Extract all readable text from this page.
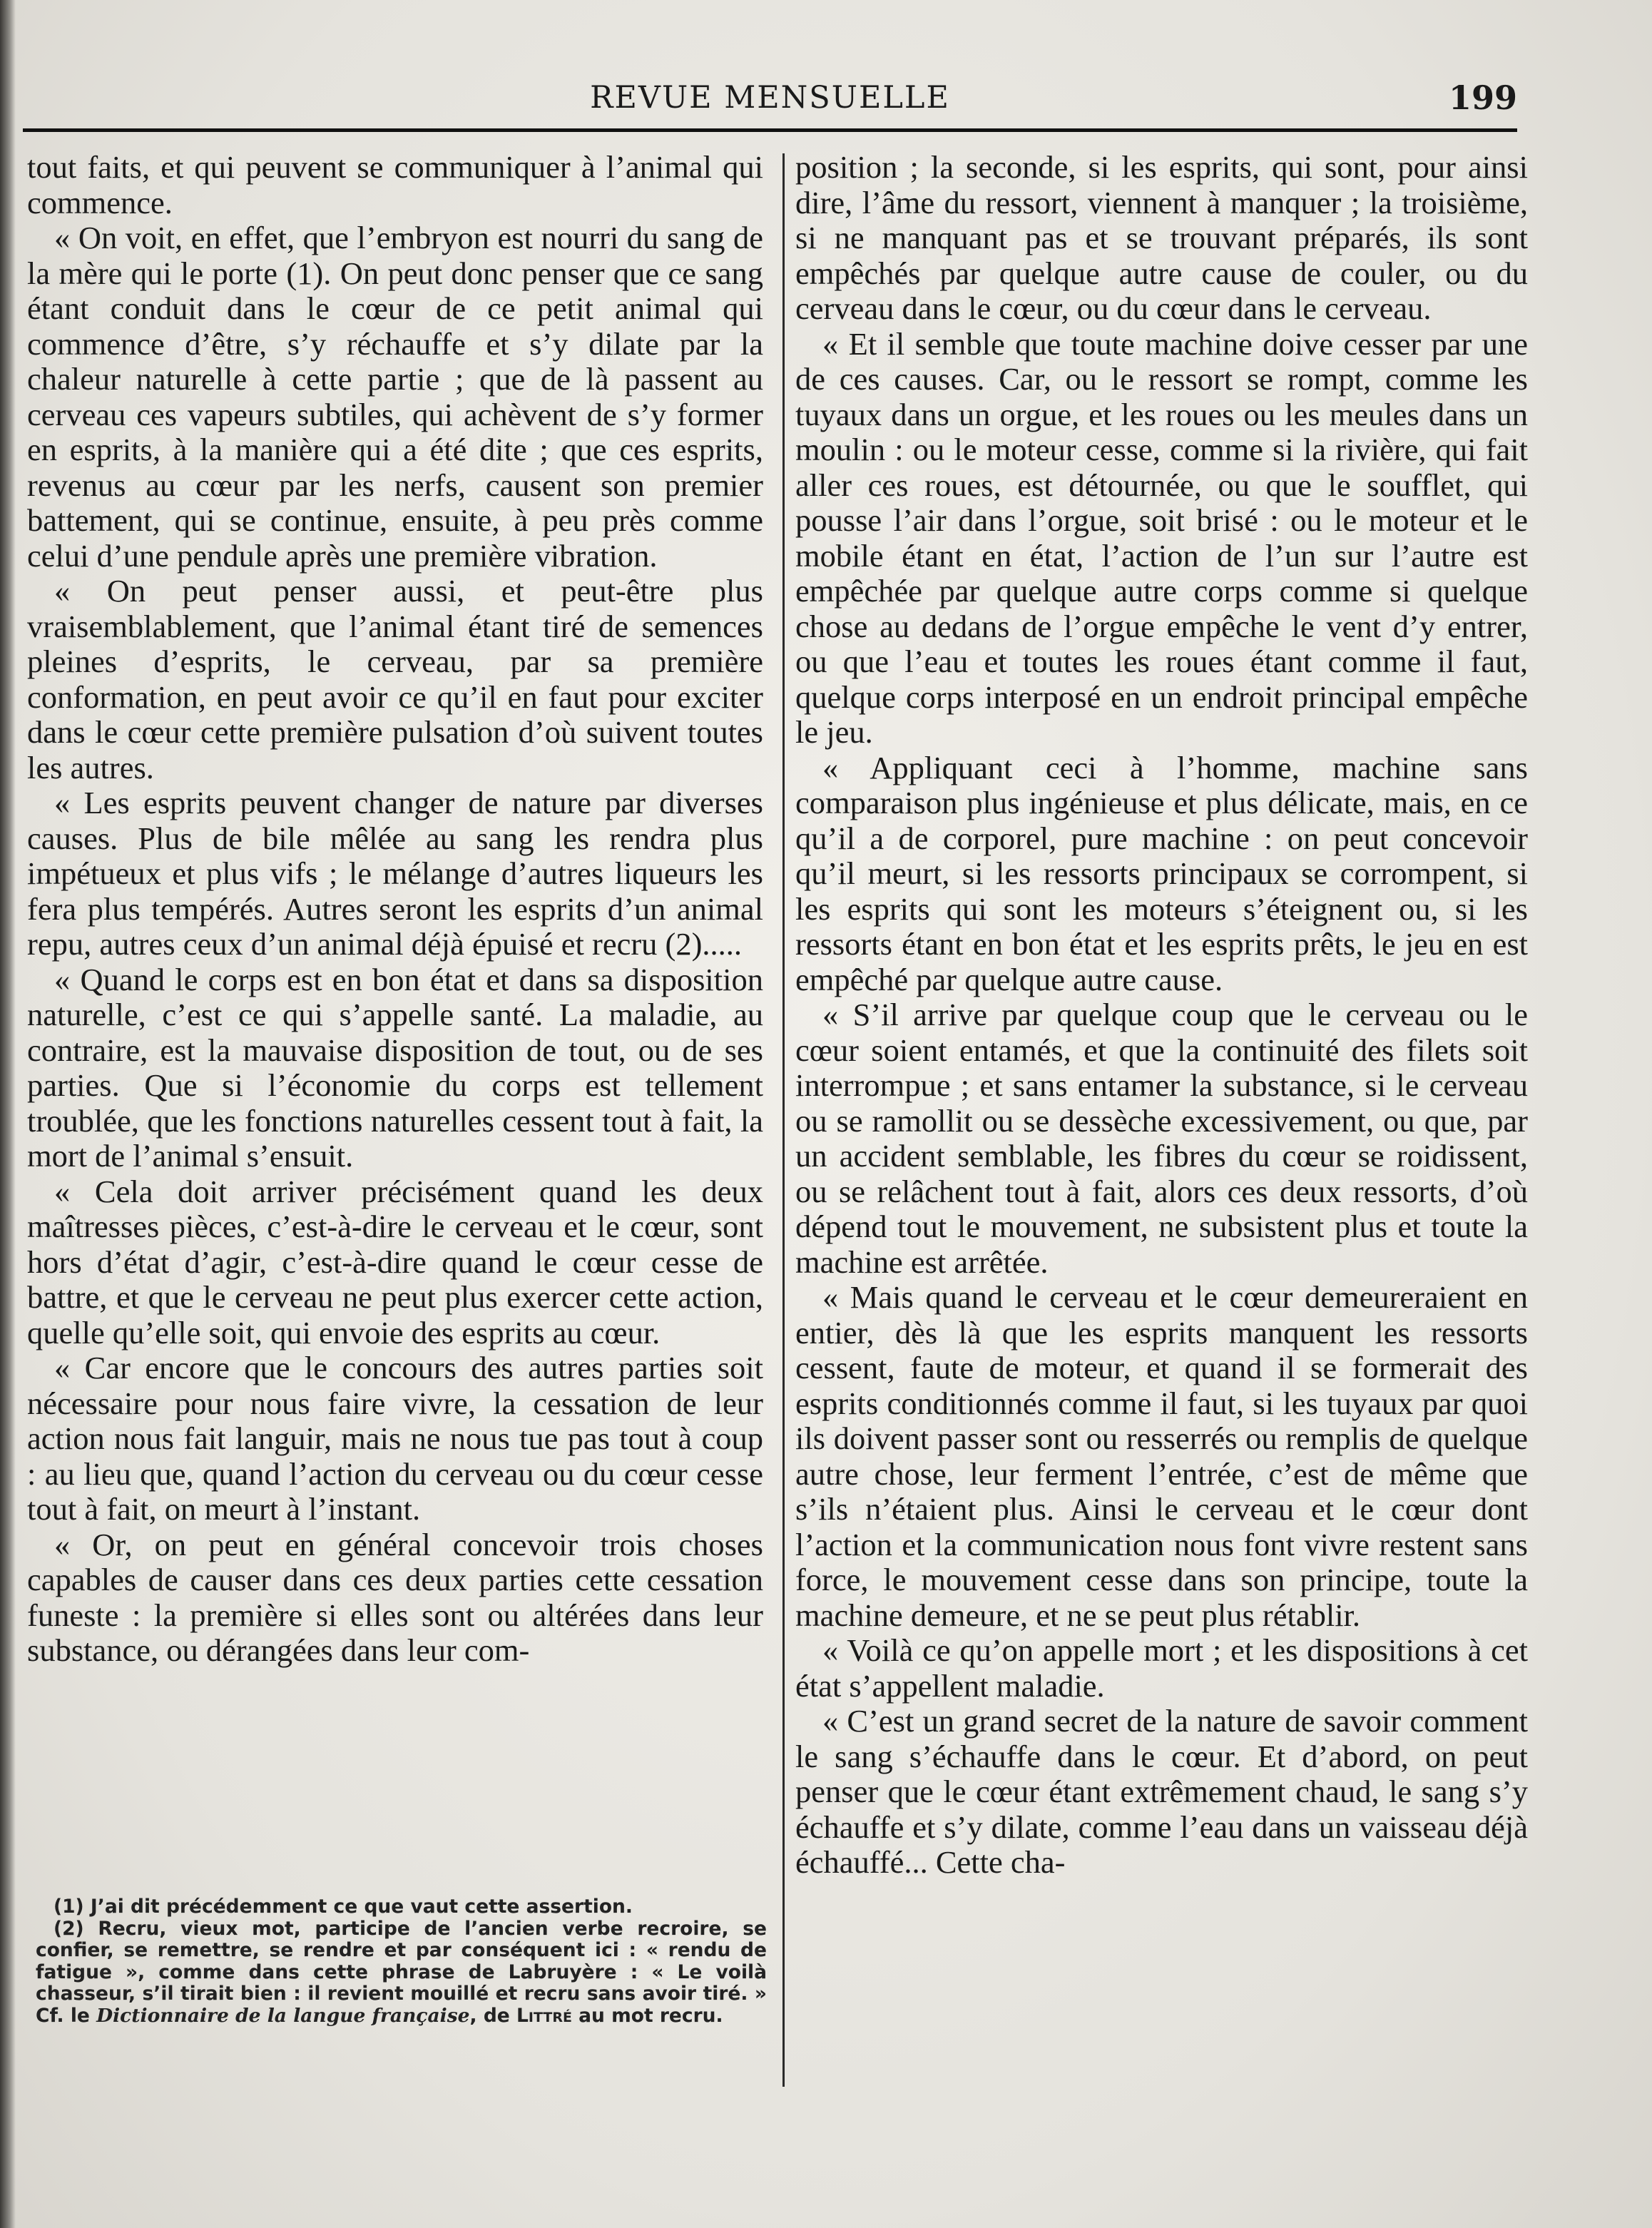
REVUE MENSUELLE	199

tout faits, et qui peuvent se communiquer à l’animal qui commence.

« On voit, en effet, que l’embryon est nourri du sang de la mère qui le porte (1). On peut donc penser que ce sang étant conduit dans le cœur de ce petit animal qui commence d’être, s’y réchauffe et s’y dilate par la chaleur naturelle à cette partie ; que de là passent au cerveau ces vapeurs subtiles, qui achèvent de s’y former en esprits, à la manière qui a été dite ; que ces esprits, revenus au cœur par les nerfs, causent son premier battement, qui se continue, ensuite, à peu près comme celui d’une pendule après une première vibration.

« On peut penser aussi, et peut-être plus vraisemblablement, que l’animal étant tiré de semences pleines d’esprits, le cerveau, par sa première conformation, en peut avoir ce qu’il en faut pour exciter dans le cœur cette première pulsation d’où suivent toutes les autres.

« Les esprits peuvent changer de nature par diverses causes. Plus de bile mêlée au sang les rendra plus impétueux et plus vifs ; le mélange d’autres liqueurs les fera plus tempérés. Autres seront les esprits d’un animal repu, autres ceux d’un animal déjà épuisé et recru (2).....

« Quand le corps est en bon état et dans sa disposition naturelle, c’est ce qui s’appelle santé. La maladie, au contraire, est la mauvaise disposition de tout, ou de ses parties. Que si l’économie du corps est tellement troublée, que les fonctions naturelles cessent tout à fait, la mort de l’animal s’ensuit.

« Cela doit arriver précisément quand les deux maîtresses pièces, c’est-à-dire le cerveau et le cœur, sont hors d’état d’agir, c’est-à-dire quand le cœur cesse de battre, et que le cerveau ne peut plus exercer cette action, quelle qu’elle soit, qui envoie des esprits au cœur.

« Car encore que le concours des autres parties soit nécessaire pour nous faire vivre, la cessation de leur action nous fait languir, mais ne nous tue pas tout à coup : au lieu que, quand l’action du cerveau ou du cœur cesse tout à fait, on meurt à l’instant.

« Or, on peut en général concevoir trois choses capables de causer dans ces deux parties cette cessation funeste : la première si elles sont ou altérées dans leur substance, ou dérangées dans leur com-

position ; la seconde, si les esprits, qui sont, pour ainsi dire, l’âme du ressort, viennent à manquer ; la troisième, si ne manquant pas et se trouvant préparés, ils sont empêchés par quelque autre cause de couler, ou du cerveau dans le cœur, ou du cœur dans le cerveau.

« Et il semble que toute machine doive cesser par une de ces causes. Car, ou le ressort se rompt, comme les tuyaux dans un orgue, et les roues ou les meules dans un moulin : ou le moteur cesse, comme si la rivière, qui fait aller ces roues, est détournée, ou que le soufflet, qui pousse l’air dans l’orgue, soit brisé : ou le moteur et le mobile étant en état, l’action de l’un sur l’autre est empêchée par quelque autre corps comme si quelque chose au dedans de l’orgue empêche le vent d’y entrer, ou que l’eau et toutes les roues étant comme il faut, quelque corps interposé en un endroit principal empêche le jeu.

« Appliquant ceci à l’homme, machine sans comparaison plus ingénieuse et plus délicate, mais, en ce qu’il a de corporel, pure machine : on peut concevoir qu’il meurt, si les ressorts principaux se corrompent, si les esprits qui sont les moteurs s’éteignent ou, si les ressorts étant en bon état et les esprits prêts, le jeu en est empêché par quelque autre cause.

« S’il arrive par quelque coup que le cerveau ou le cœur soient entamés, et que la continuité des filets soit interrompue ; et sans entamer la substance, si le cerveau ou se ramollit ou se dessèche excessivement, ou que, par un accident semblable, les fibres du cœur se roidissent, ou se relâchent tout à fait, alors ces deux ressorts, d’où dépend tout le mouvement, ne subsistent plus et toute la machine est arrêtée.

« Mais quand le cerveau et le cœur demeureraient en entier, dès là que les esprits manquent les ressorts cessent, faute de moteur, et quand il se formerait des esprits conditionnés comme il faut, si les tuyaux par quoi ils doivent passer sont ou resserrés ou remplis de quelque autre chose, leur ferment l’entrée, c’est de même que s’ils n’étaient plus. Ainsi le cerveau et le cœur dont l’action et la communication nous font vivre restent sans force, le mouvement cesse dans son principe, toute la machine demeure, et ne se peut plus rétablir.

« Voilà ce qu’on appelle mort ; et les dispositions à cet état s’appellent maladie.

« C’est un grand secret de la nature de savoir comment le sang s’échauffe dans le cœur. Et d’abord, on peut penser que le cœur étant extrêmement chaud, le sang s’y échauffe et s’y dilate, comme l’eau dans un vaisseau déjà échauffé... Cette cha-

(1) J’ai dit précédemment ce que vaut cette assertion.

(2) Recru, vieux mot, participe de l’ancien verbe recroire, se confier, se remettre, se rendre et par conséquent ici : « rendu de fatigue », comme dans cette phrase de Labruyère : « Le voilà chasseur, s’il tirait bien : il revient mouillé et recru sans avoir tiré. » Cf. le Dictionnaire de la langue française, de Littré au mot recru.
